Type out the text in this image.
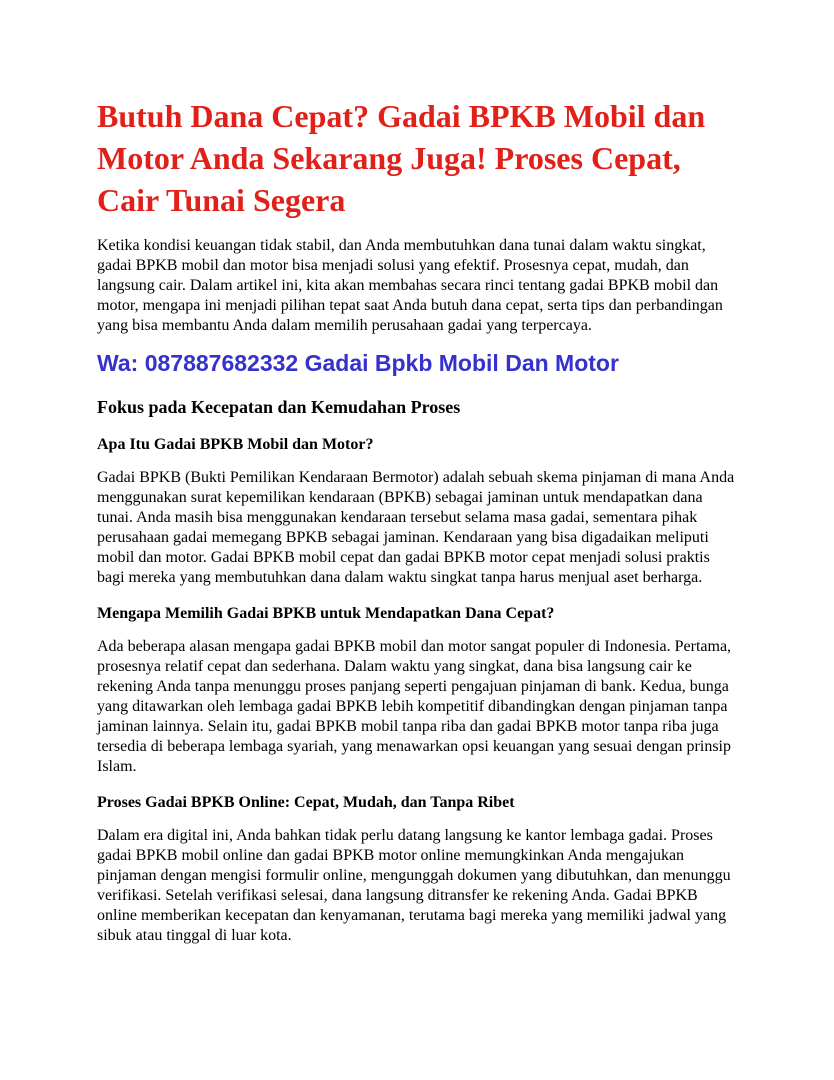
Butuh Dana Cepat? Gadai BPKB Mobil dan Motor Anda Sekarang Juga! Proses Cepat, Cair Tunai Segera

Ketika kondisi keuangan tidak stabil, dan Anda membutuhkan dana tunai dalam waktu singkat, gadai BPKB mobil dan motor bisa menjadi solusi yang efektif. Prosesnya cepat, mudah, dan langsung cair. Dalam artikel ini, kita akan membahas secara rinci tentang gadai BPKB mobil dan motor, mengapa ini menjadi pilihan tepat saat Anda butuh dana cepat, serta tips dan perbandingan yang bisa membantu Anda dalam memilih perusahaan gadai yang terpercaya.

Wa: 087887682332 Gadai Bpkb Mobil Dan Motor
Fokus pada Kecepatan dan Kemudahan Proses
Apa Itu Gadai BPKB Mobil dan Motor?

Gadai BPKB (Bukti Pemilikan Kendaraan Bermotor) adalah sebuah skema pinjaman di mana Anda menggunakan surat kepemilikan kendaraan (BPKB) sebagai jaminan untuk mendapatkan dana tunai. Anda masih bisa menggunakan kendaraan tersebut selama masa gadai, sementara pihak perusahaan gadai memegang BPKB sebagai jaminan. Kendaraan yang bisa digadaikan meliputi mobil dan motor. Gadai BPKB mobil cepat dan gadai BPKB motor cepat menjadi solusi praktis bagi mereka yang membutuhkan dana dalam waktu singkat tanpa harus menjual aset berharga.

Mengapa Memilih Gadai BPKB untuk Mendapatkan Dana Cepat?

Ada beberapa alasan mengapa gadai BPKB mobil dan motor sangat populer di Indonesia. Pertama, prosesnya relatif cepat dan sederhana. Dalam waktu yang singkat, dana bisa langsung cair ke rekening Anda tanpa menunggu proses panjang seperti pengajuan pinjaman di bank. Kedua, bunga yang ditawarkan oleh lembaga gadai BPKB lebih kompetitif dibandingkan dengan pinjaman tanpa jaminan lainnya. Selain itu, gadai BPKB mobil tanpa riba dan gadai BPKB motor tanpa riba juga tersedia di beberapa lembaga syariah, yang menawarkan opsi keuangan yang sesuai dengan prinsip Islam.

Proses Gadai BPKB Online: Cepat, Mudah, dan Tanpa Ribet

Dalam era digital ini, Anda bahkan tidak perlu datang langsung ke kantor lembaga gadai. Proses gadai BPKB mobil online dan gadai BPKB motor online memungkinkan Anda mengajukan pinjaman dengan mengisi formulir online, mengunggah dokumen yang dibutuhkan, dan menunggu verifikasi. Setelah verifikasi selesai, dana langsung ditransfer ke rekening Anda. Gadai BPKB online memberikan kecepatan dan kenyamanan, terutama bagi mereka yang memiliki jadwal yang sibuk atau tinggal di luar kota.
